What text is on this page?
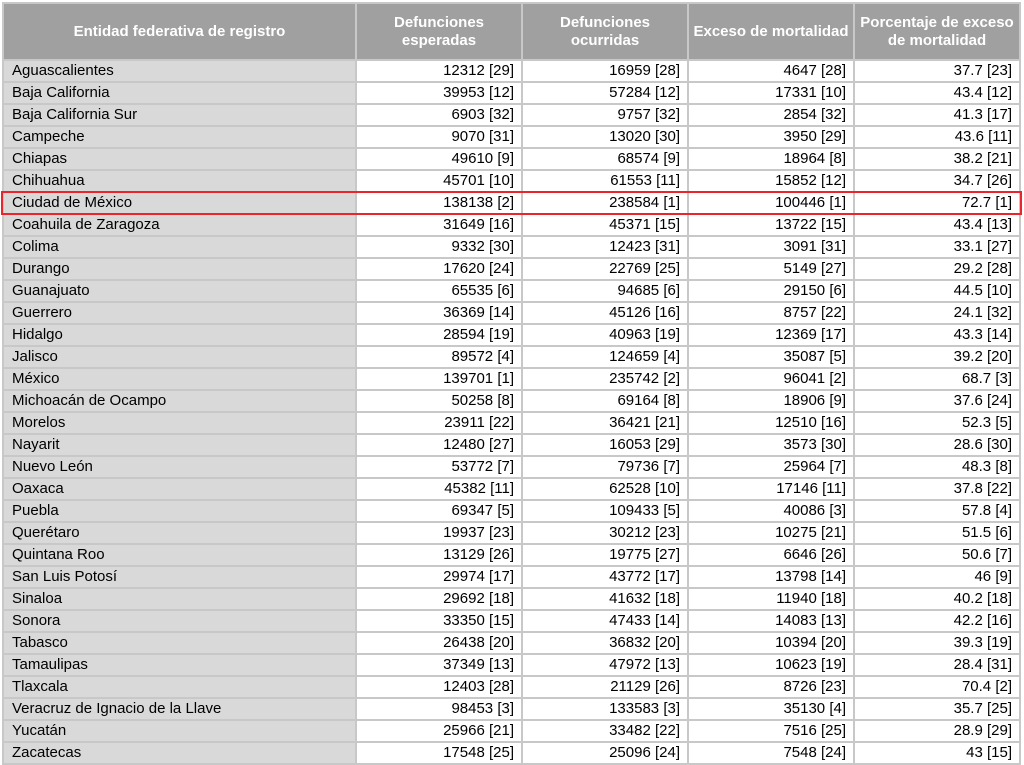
Entidad federativa de registro	Defunciones esperadas	Defunciones ocurridas	Exceso de mortalidad	Porcentaje de exceso de mortalidad
Aguascalientes	12312 [29]	16959 [28]	4647 [28]	37.7 [23]
Baja California	39953 [12]	57284 [12]	17331 [10]	43.4 [12]
Baja California Sur	6903 [32]	9757 [32]	2854 [32]	41.3 [17]
Campeche	9070 [31]	13020 [30]	3950 [29]	43.6 [11]
Chiapas	49610 [9]	68574 [9]	18964 [8]	38.2 [21]
Chihuahua	45701 [10]	61553 [11]	15852 [12]	34.7 [26]
Ciudad de México	138138 [2]	238584 [1]	100446 [1]	72.7 [1]
Coahuila de Zaragoza	31649 [16]	45371 [15]	13722 [15]	43.4 [13]
Colima	9332 [30]	12423 [31]	3091 [31]	33.1 [27]
Durango	17620 [24]	22769 [25]	5149 [27]	29.2 [28]
Guanajuato	65535 [6]	94685 [6]	29150 [6]	44.5 [10]
Guerrero	36369 [14]	45126 [16]	8757 [22]	24.1 [32]
Hidalgo	28594 [19]	40963 [19]	12369 [17]	43.3 [14]
Jalisco	89572 [4]	124659 [4]	35087 [5]	39.2 [20]
México	139701 [1]	235742 [2]	96041 [2]	68.7 [3]
Michoacán de Ocampo	50258 [8]	69164 [8]	18906 [9]	37.6 [24]
Morelos	23911 [22]	36421 [21]	12510 [16]	52.3 [5]
Nayarit	12480 [27]	16053 [29]	3573 [30]	28.6 [30]
Nuevo León	53772 [7]	79736 [7]	25964 [7]	48.3 [8]
Oaxaca	45382 [11]	62528 [10]	17146 [11]	37.8 [22]
Puebla	69347 [5]	109433 [5]	40086 [3]	57.8 [4]
Querétaro	19937 [23]	30212 [23]	10275 [21]	51.5 [6]
Quintana Roo	13129 [26]	19775 [27]	6646 [26]	50.6 [7]
San Luis Potosí	29974 [17]	43772 [17]	13798 [14]	46 [9]
Sinaloa	29692 [18]	41632 [18]	11940 [18]	40.2 [18]
Sonora	33350 [15]	47433 [14]	14083 [13]	42.2 [16]
Tabasco	26438 [20]	36832 [20]	10394 [20]	39.3 [19]
Tamaulipas	37349 [13]	47972 [13]	10623 [19]	28.4 [31]
Tlaxcala	12403 [28]	21129 [26]	8726 [23]	70.4 [2]
Veracruz de Ignacio de la Llave	98453 [3]	133583 [3]	35130 [4]	35.7 [25]
Yucatán	25966 [21]	33482 [22]	7516 [25]	28.9 [29]
Zacatecas	17548 [25]	25096 [24]	7548 [24]	43 [15]
